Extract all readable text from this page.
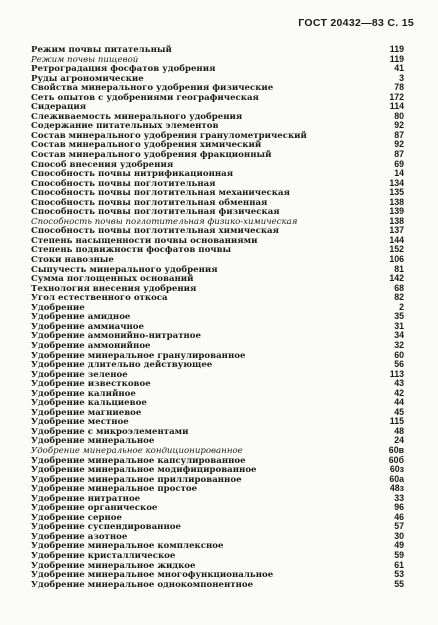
ГОСТ 20432—83 С. 15
Режим почвы питательный	119
Режим почвы пищевой	119
Ретроградация фосфатов удобрения	41
Руды агрономические	3
Свойства минерального удобрения физические	78
Сеть опытов с удобрениями географическая	172
Сидерация	114
Слеживаемость минерального удобрения	80
Содержание питательных элементов	92
Состав минерального удобрения гранулометрический	87
Состав минерального удобрения химический	92
Состав минерального удобрения фракционный	87
Способ внесения удобрения	69
Способность почвы нитрификационная	14
Способность почвы поглотительная	134
Способность почвы поглотительная механическая	135
Способность почвы поглотительная обменная	138
Способность почвы поглотительная физическая	139
Способность почвы поглотительная физико-химическая	138
Способность почвы поглотительная химическая	137
Степень насыщенности почвы основаниями	144
Степень подвижности фосфатов почвы	152
Стоки навозные	106
Сыпучесть минерального удобрения	81
Сумма поглощенных оснований	142
Технология внесения удобрения	68
Угол естественного откоса	82
Удобрение	2
Удобрение амидное	35
Удобрение аммиачное	31
Удобрение аммонийно-нитратное	34
Удобрение аммонийное	32
Удобрение минеральное гранулированное	60
Удобрение длительно действующее	56
Удобрение зеленое	113
Удобрение известковое	43
Удобрение калийное	42
Удобрение кальциевое	44
Удобрение магниевое	45
Удобрение местное	115
Удобрение с микроэлементами	48
Удобрение минеральное	24
Удобрение минеральное кондиционированное	60в
Удобрение минеральное капсулированное	60б
Удобрение минеральное модифицированное	60з
Удобрение минеральное приллированное	60а
Удобрение минеральное простое	48з
Удобрение нитратное	33
Удобрение органическое	96
Удобрение серное	46
Удобрение суспендированное	57
Удобрение азотное	30
Удобрение минеральное комплексное	49
Удобрение кристаллическое	59
Удобрение минеральное жидкое	61
Удобрение минеральное многофункциональное	53
Удобрение минеральное однокомпонентное	55
